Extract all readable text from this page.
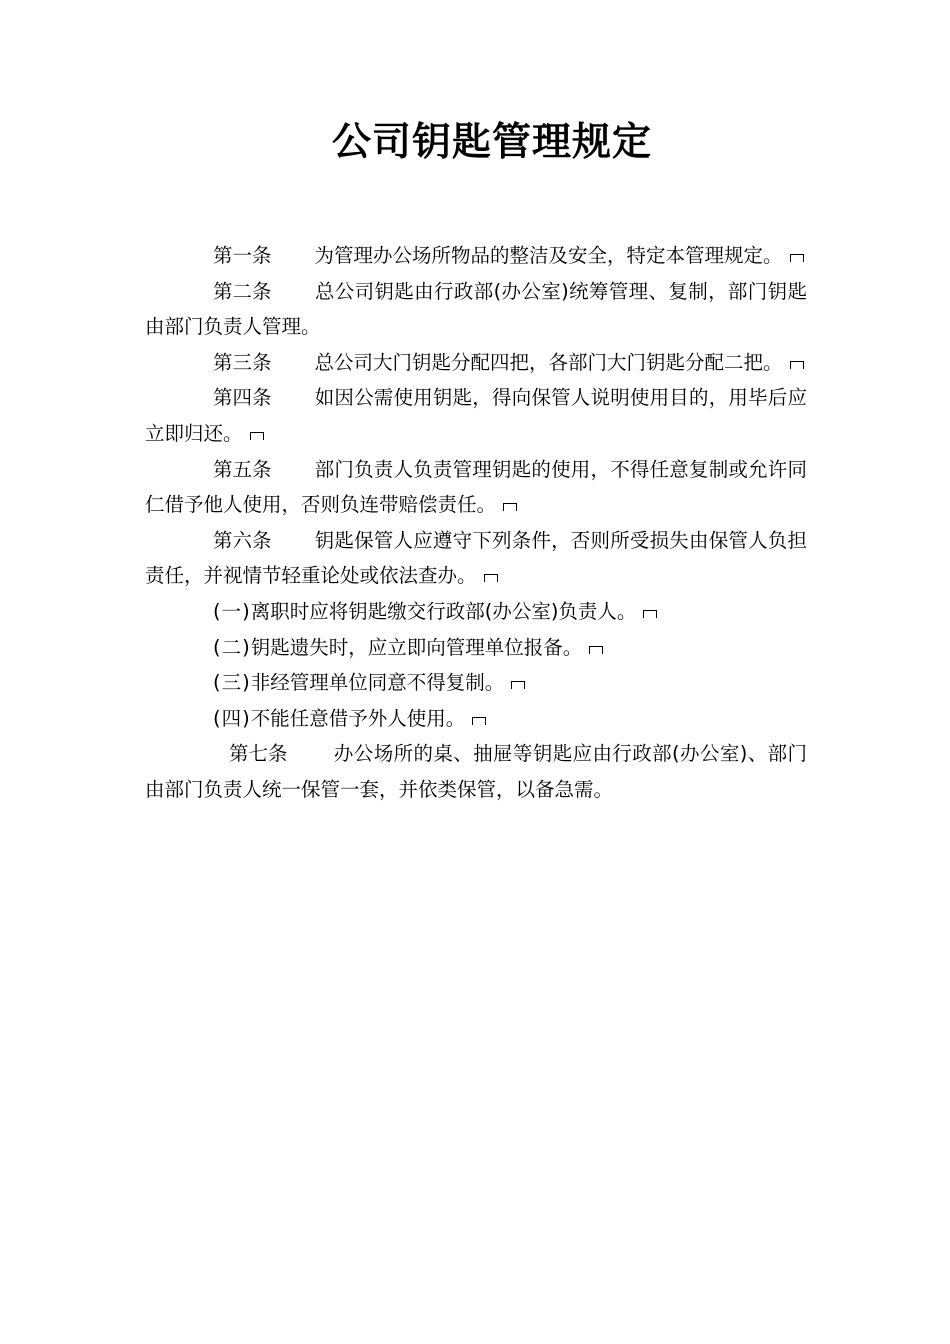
公司钥匙管理规定

第一条 为管理办公场所物品的整洁及安全，特定本管理规定。

第二条 总公司钥匙由行政部(办公室)统筹管理、复制，部门钥匙由部门负责人管理。

第三条 总公司大门钥匙分配四把，各部门大门钥匙分配二把。

第四条 如因公需使用钥匙，得向保管人说明使用目的，用毕后应立即归还。

第五条 部门负责人负责管理钥匙的使用，不得任意复制或允许同仁借予他人使用，否则负连带赔偿责任。

第六条 钥匙保管人应遵守下列条件，否则所受损失由保管人负担责任，并视情节轻重论处或依法查办。

(一)离职时应将钥匙缴交行政部(办公室)负责人。

(二)钥匙遗失时，应立即向管理单位报备。

(三)非经管理单位同意不得复制。

(四)不能任意借予外人使用。

第七条 办公场所的桌、抽屉等钥匙应由行政部(办公室)、部门由部门负责人统一保管一套，并依类保管，以备急需。
